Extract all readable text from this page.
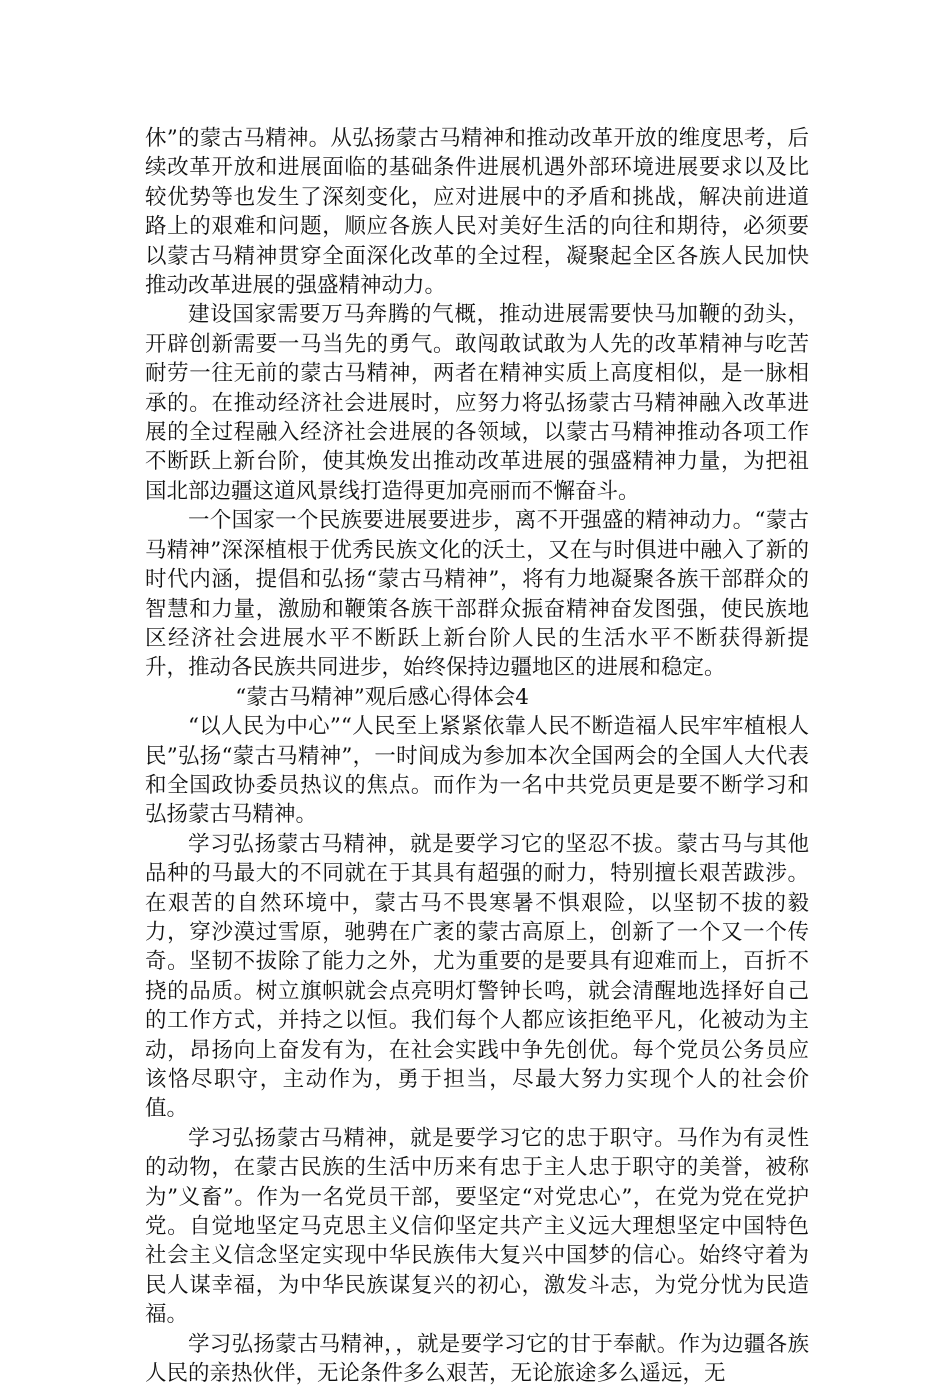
休”的蒙古马精神。从弘扬蒙古马精神和推动改革开放的维度思考，后续改革开放和进展面临的基础条件进展机遇外部环境进展要求以及比较优势等也发生了深刻变化，应对进展中的矛盾和挑战，解决前进道路上的艰难和问题，顺应各族人民对美好生活的向往和期待，必须要以蒙古马精神贯穿全面深化改革的全过程，凝聚起全区各族人民加快推动改革进展的强盛精神动力。

建设国家需要万马奔腾的气概，推动进展需要快马加鞭的劲头，开辟创新需要一马当先的勇气。敢闯敢试敢为人先的改革精神与吃苦耐劳一往无前的蒙古马精神，两者在精神实质上高度相似，是一脉相承的。在推动经济社会进展时，应努力将弘扬蒙古马精神融入改革进展的全过程融入经济社会进展的各领域，以蒙古马精神推动各项工作不断跃上新台阶，使其焕发出推动改革进展的强盛精神力量，为把祖国北部边疆这道风景线打造得更加亮丽而不懈奋斗。

一个国家一个民族要进展要进步，离不开强盛的精神动力。“蒙古马精神”深深植根于优秀民族文化的沃土，又在与时俱进中融入了新的时代内涵，提倡和弘扬“蒙古马精神”，将有力地凝聚各族干部群众的智慧和力量，激励和鞭策各族干部群众振奋精神奋发图强，使民族地区经济社会进展水平不断跃上新台阶人民的生活水平不断获得新提升，推动各民族共同进步，始终保持边疆地区的进展和稳定。

“蒙古马精神”观后感心得体会4

“以人民为中心”“人民至上紧紧依靠人民不断造福人民牢牢植根人民”弘扬“蒙古马精神”，一时间成为参加本次全国两会的全国人大代表和全国政协委员热议的焦点。而作为一名中共党员更是要不断学习和弘扬蒙古马精神。

学习弘扬蒙古马精神，就是要学习它的坚忍不拔。蒙古马与其他品种的马最大的不同就在于其具有超强的耐力，特别擅长艰苦跋涉。在艰苦的自然环境中，蒙古马不畏寒暑不惧艰险，以坚韧不拔的毅力，穿沙漠过雪原，驰骋在广袤的蒙古高原上，创新了一个又一个传奇。坚韧不拔除了能力之外，尤为重要的是要具有迎难而上，百折不挠的品质。树立旗帜就会点亮明灯警钟长鸣，就会清醒地选择好自己的工作方式，并持之以恒。我们每个人都应该拒绝平凡，化被动为主动，昂扬向上奋发有为，在社会实践中争先创优。每个党员公务员应该恪尽职守，主动作为，勇于担当，尽最大努力实现个人的社会价值。

学习弘扬蒙古马精神，就是要学习它的忠于职守。马作为有灵性的动物，在蒙古民族的生活中历来有忠于主人忠于职守的美誉，被称为”义畜”。作为一名党员干部，要坚定“对党忠心”，在党为党在党护党。自觉地坚定马克思主义信仰坚定共产主义远大理想坚定中国特色社会主义信念坚定实现中华民族伟大复兴中国梦的信心。始终守着为民人谋幸福，为中华民族谋复兴的初心，激发斗志，为党分忧为民造福。

学习弘扬蒙古马精神，，就是要学习它的甘于奉献。作为边疆各族人民的亲热伙伴，无论条件多么艰苦，无论旅途多么遥远，无
